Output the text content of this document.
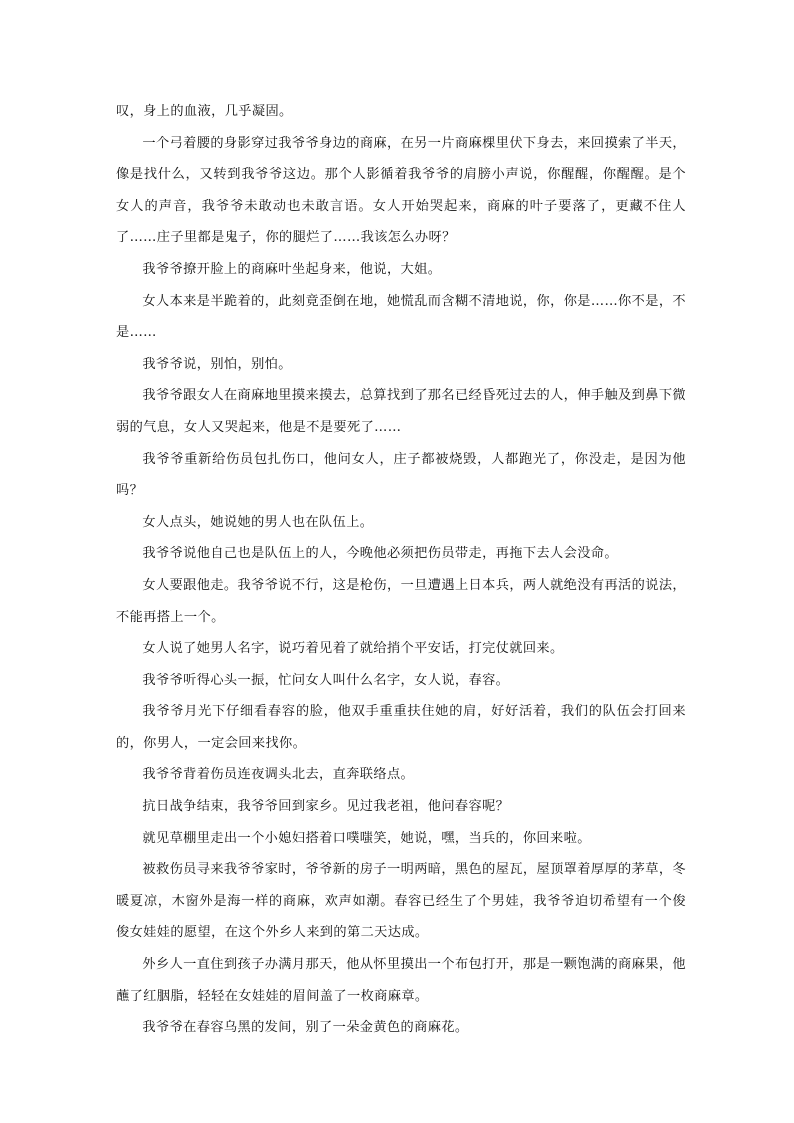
叹，身上的血液，几乎凝固。

一个弓着腰的身影穿过我爷爷身边的商麻，在另一片商麻棵里伏下身去，来回摸索了半天，像是找什么，又转到我爷爷这边。那个人影循着我爷爷的肩膀小声说，你醒醒，你醒醒。是个女人的声音，我爷爷未敢动也未敢言语。女人开始哭起来，商麻的叶子要落了，更藏不住人了……庄子里都是鬼子，你的腿烂了……我该怎么办呀？

我爷爷撩开脸上的商麻叶坐起身来，他说，大姐。

女人本来是半跪着的，此刻竟歪倒在地，她慌乱而含糊不清地说，你，你是……你不是，不是……

我爷爷说，别怕，别怕。

我爷爷跟女人在商麻地里摸来摸去，总算找到了那名已经昏死过去的人，伸手触及到鼻下微弱的气息，女人又哭起来，他是不是要死了……

我爷爷重新给伤员包扎伤口，他问女人，庄子都被烧毁，人都跑光了，你没走，是因为他吗？

女人点头，她说她的男人也在队伍上。

我爷爷说他自己也是队伍上的人，今晚他必须把伤员带走，再拖下去人会没命。

女人要跟他走。我爷爷说不行，这是枪伤，一旦遭遇上日本兵，两人就绝没有再活的说法，不能再搭上一个。

女人说了她男人名字，说巧着见着了就给捎个平安话，打完仗就回来。

我爷爷听得心头一振，忙问女人叫什么名字，女人说，春容。

我爷爷月光下仔细看春容的脸，他双手重重扶住她的肩，好好活着，我们的队伍会打回来的，你男人，一定会回来找你。

我爷爷背着伤员连夜调头北去，直奔联络点。

抗日战争结束，我爷爷回到家乡。见过我老祖，他问春容呢？

就见草棚里走出一个小媳妇搭着口噗嗤笑，她说，嘿，当兵的，你回来啦。

被救伤员寻来我爷爷家时，爷爷新的房子一明两暗，黑色的屋瓦，屋顶罩着厚厚的茅草，冬暖夏凉，木窗外是海一样的商麻，欢声如潮。春容已经生了个男娃，我爷爷迫切希望有一个俊俊女娃娃的愿望，在这个外乡人来到的第二天达成。

外乡人一直住到孩子办满月那天，他从怀里摸出一个布包打开，那是一颗饱满的商麻果，他蘸了红胭脂，轻轻在女娃娃的眉间盖了一枚商麻章。

我爷爷在春容乌黑的发间，别了一朵金黄色的商麻花。
